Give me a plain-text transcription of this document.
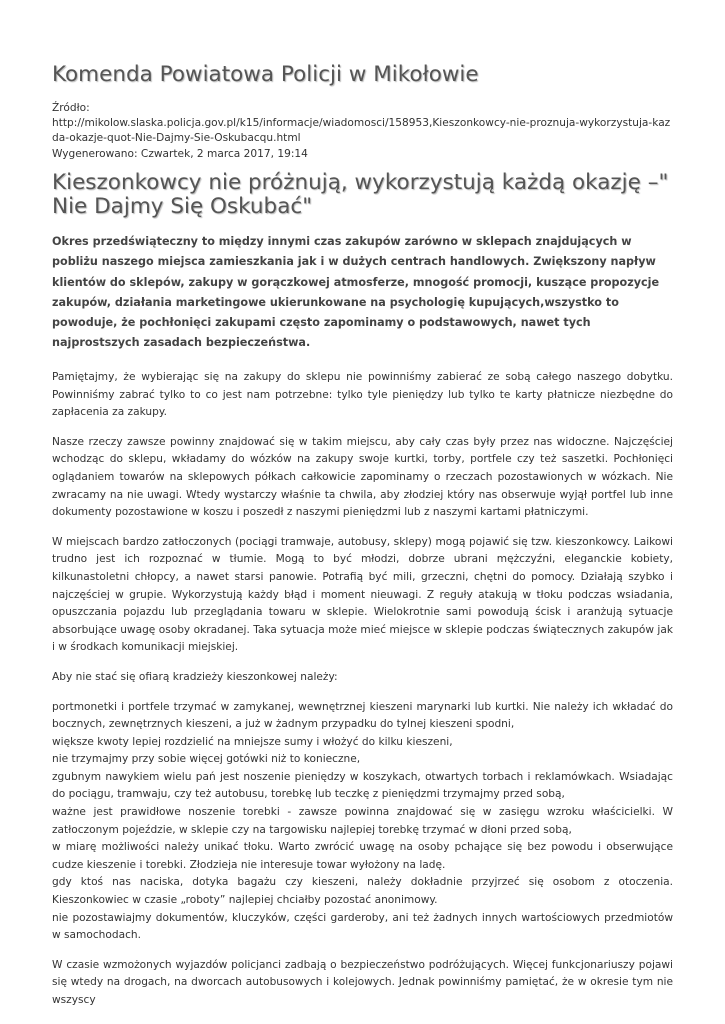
Komenda Powiatowa Policji w Mikołowie
Źródło:
http://mikolow.slaska.policja.gov.pl/k15/informacje/wiadomosci/158953,Kieszonkowcy-nie-proznuja-wykorzystuja-kazda-okazje-quot-Nie-Dajmy-Sie-Oskubacqu.html
Wygenerowano: Czwartek, 2 marca 2017, 19:14
Kieszonkowcy nie próżnują, wykorzystują każdą okazję –" Nie Dajmy Się Oskubać"

Okres przedświąteczny to między innymi czas zakupów zarówno w sklepach znajdujących w pobliżu naszego miejsca zamieszkania jak i w dużych centrach handlowych. Zwiększony napływ klientów do sklepów, zakupy w gorączkowej atmosferze, mnogość promocji, kuszące propozycje zakupów, działania marketingowe ukierunkowane na psychologię kupujących,wszystko to powoduje, że pochłonięci zakupami często zapominamy o podstawowych, nawet tych najprostszych zasadach bezpieczeństwa.

Pamiętajmy, że wybierając się na zakupy do sklepu nie powinniśmy zabierać ze sobą całego naszego dobytku. Powinniśmy zabrać tylko to co jest nam potrzebne: tylko tyle pieniędzy lub tylko te karty płatnicze niezbędne do zapłacenia za zakupy.

Nasze rzeczy zawsze powinny znajdować się w takim miejscu, aby cały czas były przez nas widoczne. Najczęściej wchodząc do sklepu, wkładamy do wózków na zakupy swoje kurtki, torby, portfele czy też saszetki. Pochłonięci oglądaniem towarów na sklepowych półkach całkowicie zapominamy o rzeczach pozostawionych w wózkach. Nie zwracamy na nie uwagi. Wtedy wystarczy właśnie ta chwila, aby złodziej który nas obserwuje wyjął portfel lub inne dokumenty pozostawione w koszu i poszedł z naszymi pieniędzmi lub z naszymi kartami płatniczymi.

W miejscach bardzo zatłoczonych (pociągi tramwaje, autobusy, sklepy) mogą pojawić się tzw. kieszonkowcy. Laikowi trudno jest ich rozpoznać w tłumie. Mogą to być młodzi, dobrze ubrani mężczyźni, eleganckie kobiety, kilkunastoletni chłopcy, a nawet starsi panowie. Potrafią być mili, grzeczni, chętni do pomocy. Działają szybko i najczęściej w grupie. Wykorzystują każdy błąd i moment nieuwagi. Z reguły atakują w tłoku podczas wsiadania, opuszczania pojazdu lub przeglądania towaru w sklepie. Wielokrotnie sami powodują ścisk i aranżują sytuacje absorbujące uwagę osoby okradanej. Taka sytuacja może mieć miejsce w sklepie podczas świątecznych zakupów jak i w środkach komunikacji miejskiej.

Aby nie stać się ofiarą kradzieży kieszonkowej należy:

portmonetki i portfele trzymać w zamykanej, wewnętrznej kieszeni marynarki lub kurtki. Nie należy ich wkładać do bocznych, zewnętrznych kieszeni, a już w żadnym przypadku do tylnej kieszeni spodni,
większe kwoty lepiej rozdzielić na mniejsze sumy i włożyć do kilku kieszeni,
nie trzymajmy przy sobie więcej gotówki niż to konieczne,
zgubnym nawykiem wielu pań jest noszenie pieniędzy w koszykach, otwartych torbach i reklamówkach. Wsiadając do pociągu, tramwaju, czy też autobusu, torebkę lub teczkę z pieniędzmi trzymajmy przed sobą,
ważne jest prawidłowe noszenie torebki - zawsze powinna znajdować się w zasięgu wzroku właścicielki. W zatłoczonym pojeździe, w sklepie czy na targowisku najlepiej torebkę trzymać w dłoni przed sobą,
w miarę możliwości należy unikać tłoku. Warto zwrócić uwagę na osoby pchające się bez powodu i obserwujące cudze kieszenie i torebki. Złodzieja nie interesuje towar wyłożony na ladę.
gdy ktoś nas naciska, dotyka bagażu czy kieszeni, należy dokładnie przyjrzeć się osobom z otoczenia. Kieszonkowiec w czasie „roboty” najlepiej chciałby pozostać anonimowy.
nie pozostawiajmy dokumentów, kluczyków, części garderoby, ani też żadnych innych wartościowych przedmiotów w samochodach.

W czasie wzmożonych wyjazdów policjanci zadbają o bezpieczeństwo podróżujących. Więcej funkcjonariuszy pojawi się wtedy na drogach, na dworcach autobusowych i kolejowych. Jednak powinniśmy pamiętać, że w okresie tym nie wszyscy
